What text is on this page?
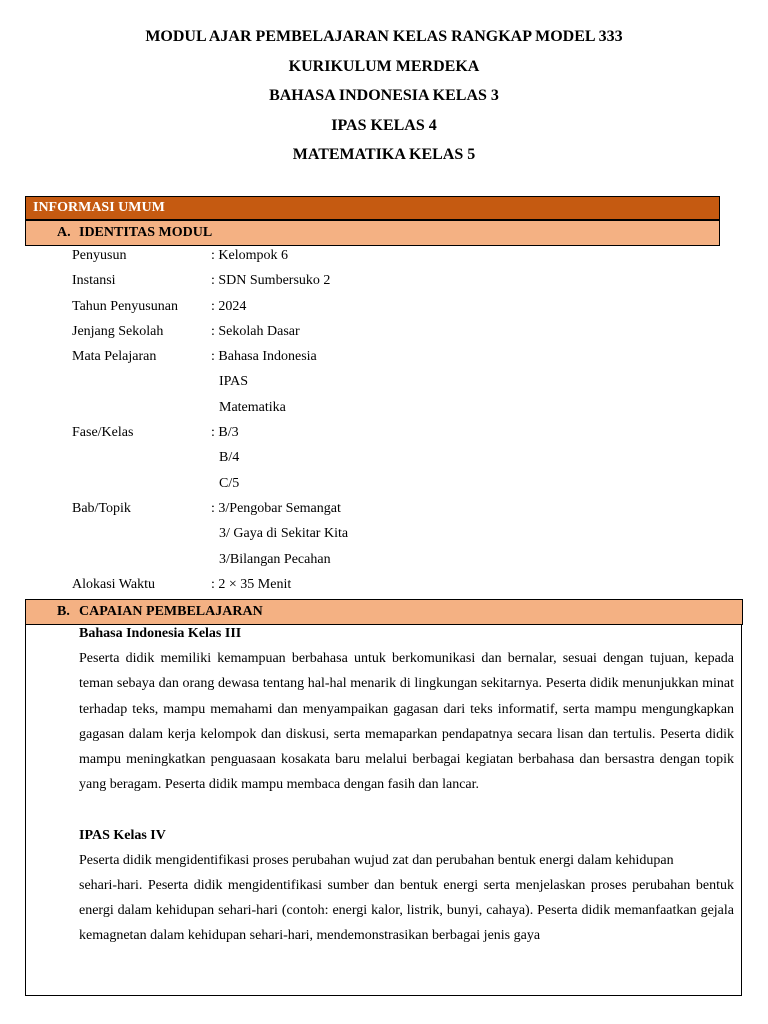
MODUL AJAR PEMBELAJARAN KELAS RANGKAP MODEL 333
KURIKULUM MERDEKA
BAHASA INDONESIA KELAS 3
IPAS KELAS 4
MATEMATIKA KELAS 5
INFORMASI UMUM
A. IDENTITAS MODUL
Penyusun	: Kelompok 6
Instansi	: SDN Sumbersuko 2
Tahun Penyusunan : 2024
Jenjang Sekolah	: Sekolah Dasar
Mata Pelajaran	: Bahasa Indonesia
IPAS
Matematika
Fase/Kelas	: B/3
B/4
C/5
Bab/Topik	: 3/Pengobar Semangat
3/ Gaya di Sekitar Kita
3/Bilangan Pecahan
Alokasi Waktu	: 2 × 35 Menit
B. CAPAIAN PEMBELAJARAN
Bahasa Indonesia Kelas III
Peserta didik memiliki kemampuan berbahasa untuk berkomunikasi dan bernalar, sesuai dengan tujuan, kepada teman sebaya dan orang dewasa tentang hal-hal menarik di lingkungan sekitarnya. Peserta didik menunjukkan minat terhadap teks, mampu memahami dan menyampaikan gagasan dari teks informatif, serta mampu mengungkapkan gagasan dalam kerja kelompok dan diskusi, serta memaparkan pendapatnya secara lisan dan tertulis. Peserta didik mampu meningkatkan penguasaan kosakata baru melalui berbagai kegiatan berbahasa dan bersastra dengan topik yang beragam. Peserta didik mampu membaca dengan fasih dan lancar.
IPAS Kelas IV
Peserta didik mengidentifikasi proses perubahan wujud zat dan perubahan bentuk energi dalam kehidupan
sehari-hari. Peserta didik mengidentifikasi sumber dan bentuk energi serta menjelaskan proses perubahan bentuk energi dalam kehidupan sehari-hari (contoh: energi kalor, listrik, bunyi, cahaya). Peserta didik memanfaatkan gejala kemagnetan dalam kehidupan sehari-hari, mendemonstrasikan berbagai jenis gaya
